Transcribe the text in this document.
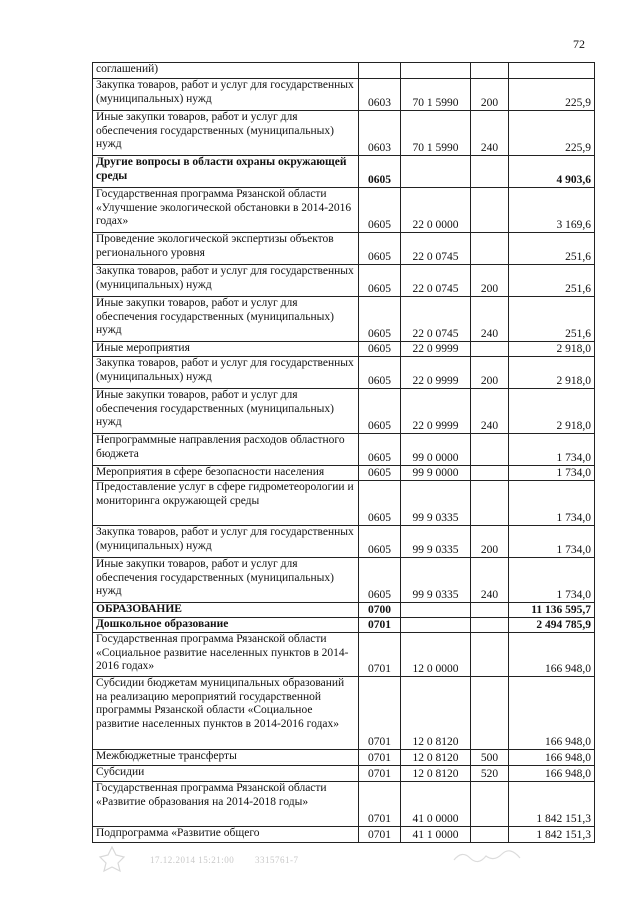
72
соглашений)				
Закупка товаров, работ и услуг для государственных (муниципальных) нужд	0603	70 1 5990	200	225,9
Иные закупки товаров, работ и услуг для обеспечения государственных (муниципальных) нужд	0603	70 1 5990	240	225,9
Другие вопросы в области охраны окружающей среды	0605			4 903,6
Государственная программа Рязанской области «Улучшение экологической обстановки в 2014-2016 годах»	0605	22 0 0000		3 169,6
Проведение экологической экспертизы объектов регионального уровня	0605	22 0 0745		251,6
Закупка товаров, работ и услуг для государственных (муниципальных) нужд	0605	22 0 0745	200	251,6
Иные закупки товаров, работ и услуг для обеспечения государственных (муниципальных) нужд	0605	22 0 0745	240	251,6
Иные мероприятия	0605	22 0 9999		2 918,0
Закупка товаров, работ и услуг для государственных (муниципальных) нужд	0605	22 0 9999	200	2 918,0
Иные закупки товаров, работ и услуг для обеспечения государственных (муниципальных) нужд	0605	22 0 9999	240	2 918,0
Непрограммные направления расходов областного бюджета	0605	99 0 0000		1 734,0
Мероприятия в сфере безопасности населения	0605	99 9 0000		1 734,0
Предоставление услуг в сфере гидрометеорологии и мониторинга окружающей среды	0605	99 9 0335		1 734,0
Закупка товаров, работ и услуг для государственных (муниципальных) нужд	0605	99 9 0335	200	1 734,0
Иные закупки товаров, работ и услуг для обеспечения государственных (муниципальных) нужд	0605	99 9 0335	240	1 734,0
ОБРАЗОВАНИЕ	0700			11 136 595,7
Дошкольное образование	0701			2 494 785,9
Государственная программа Рязанской области «Социальное развитие населенных пунктов в 2014-2016 годах»	0701	12 0 0000		166 948,0
Субсидии бюджетам муниципальных образований на реализацию мероприятий государственной программы Рязанской области «Социальное развитие населенных пунктов в 2014-2016 годах»	0701	12 0 8120		166 948,0
Межбюджетные трансферты	0701	12 0 8120	500	166 948,0
Субсидии	0701	12 0 8120	520	166 948,0
Государственная программа Рязанской области «Развитие образования на 2014-2018 годы»	0701	41 0 0000		1 842 151,3
Подпрограмма «Развитие общего	0701	41 1 0000		1 842 151,3
17.12.2014 15:21:00 3315761-7
